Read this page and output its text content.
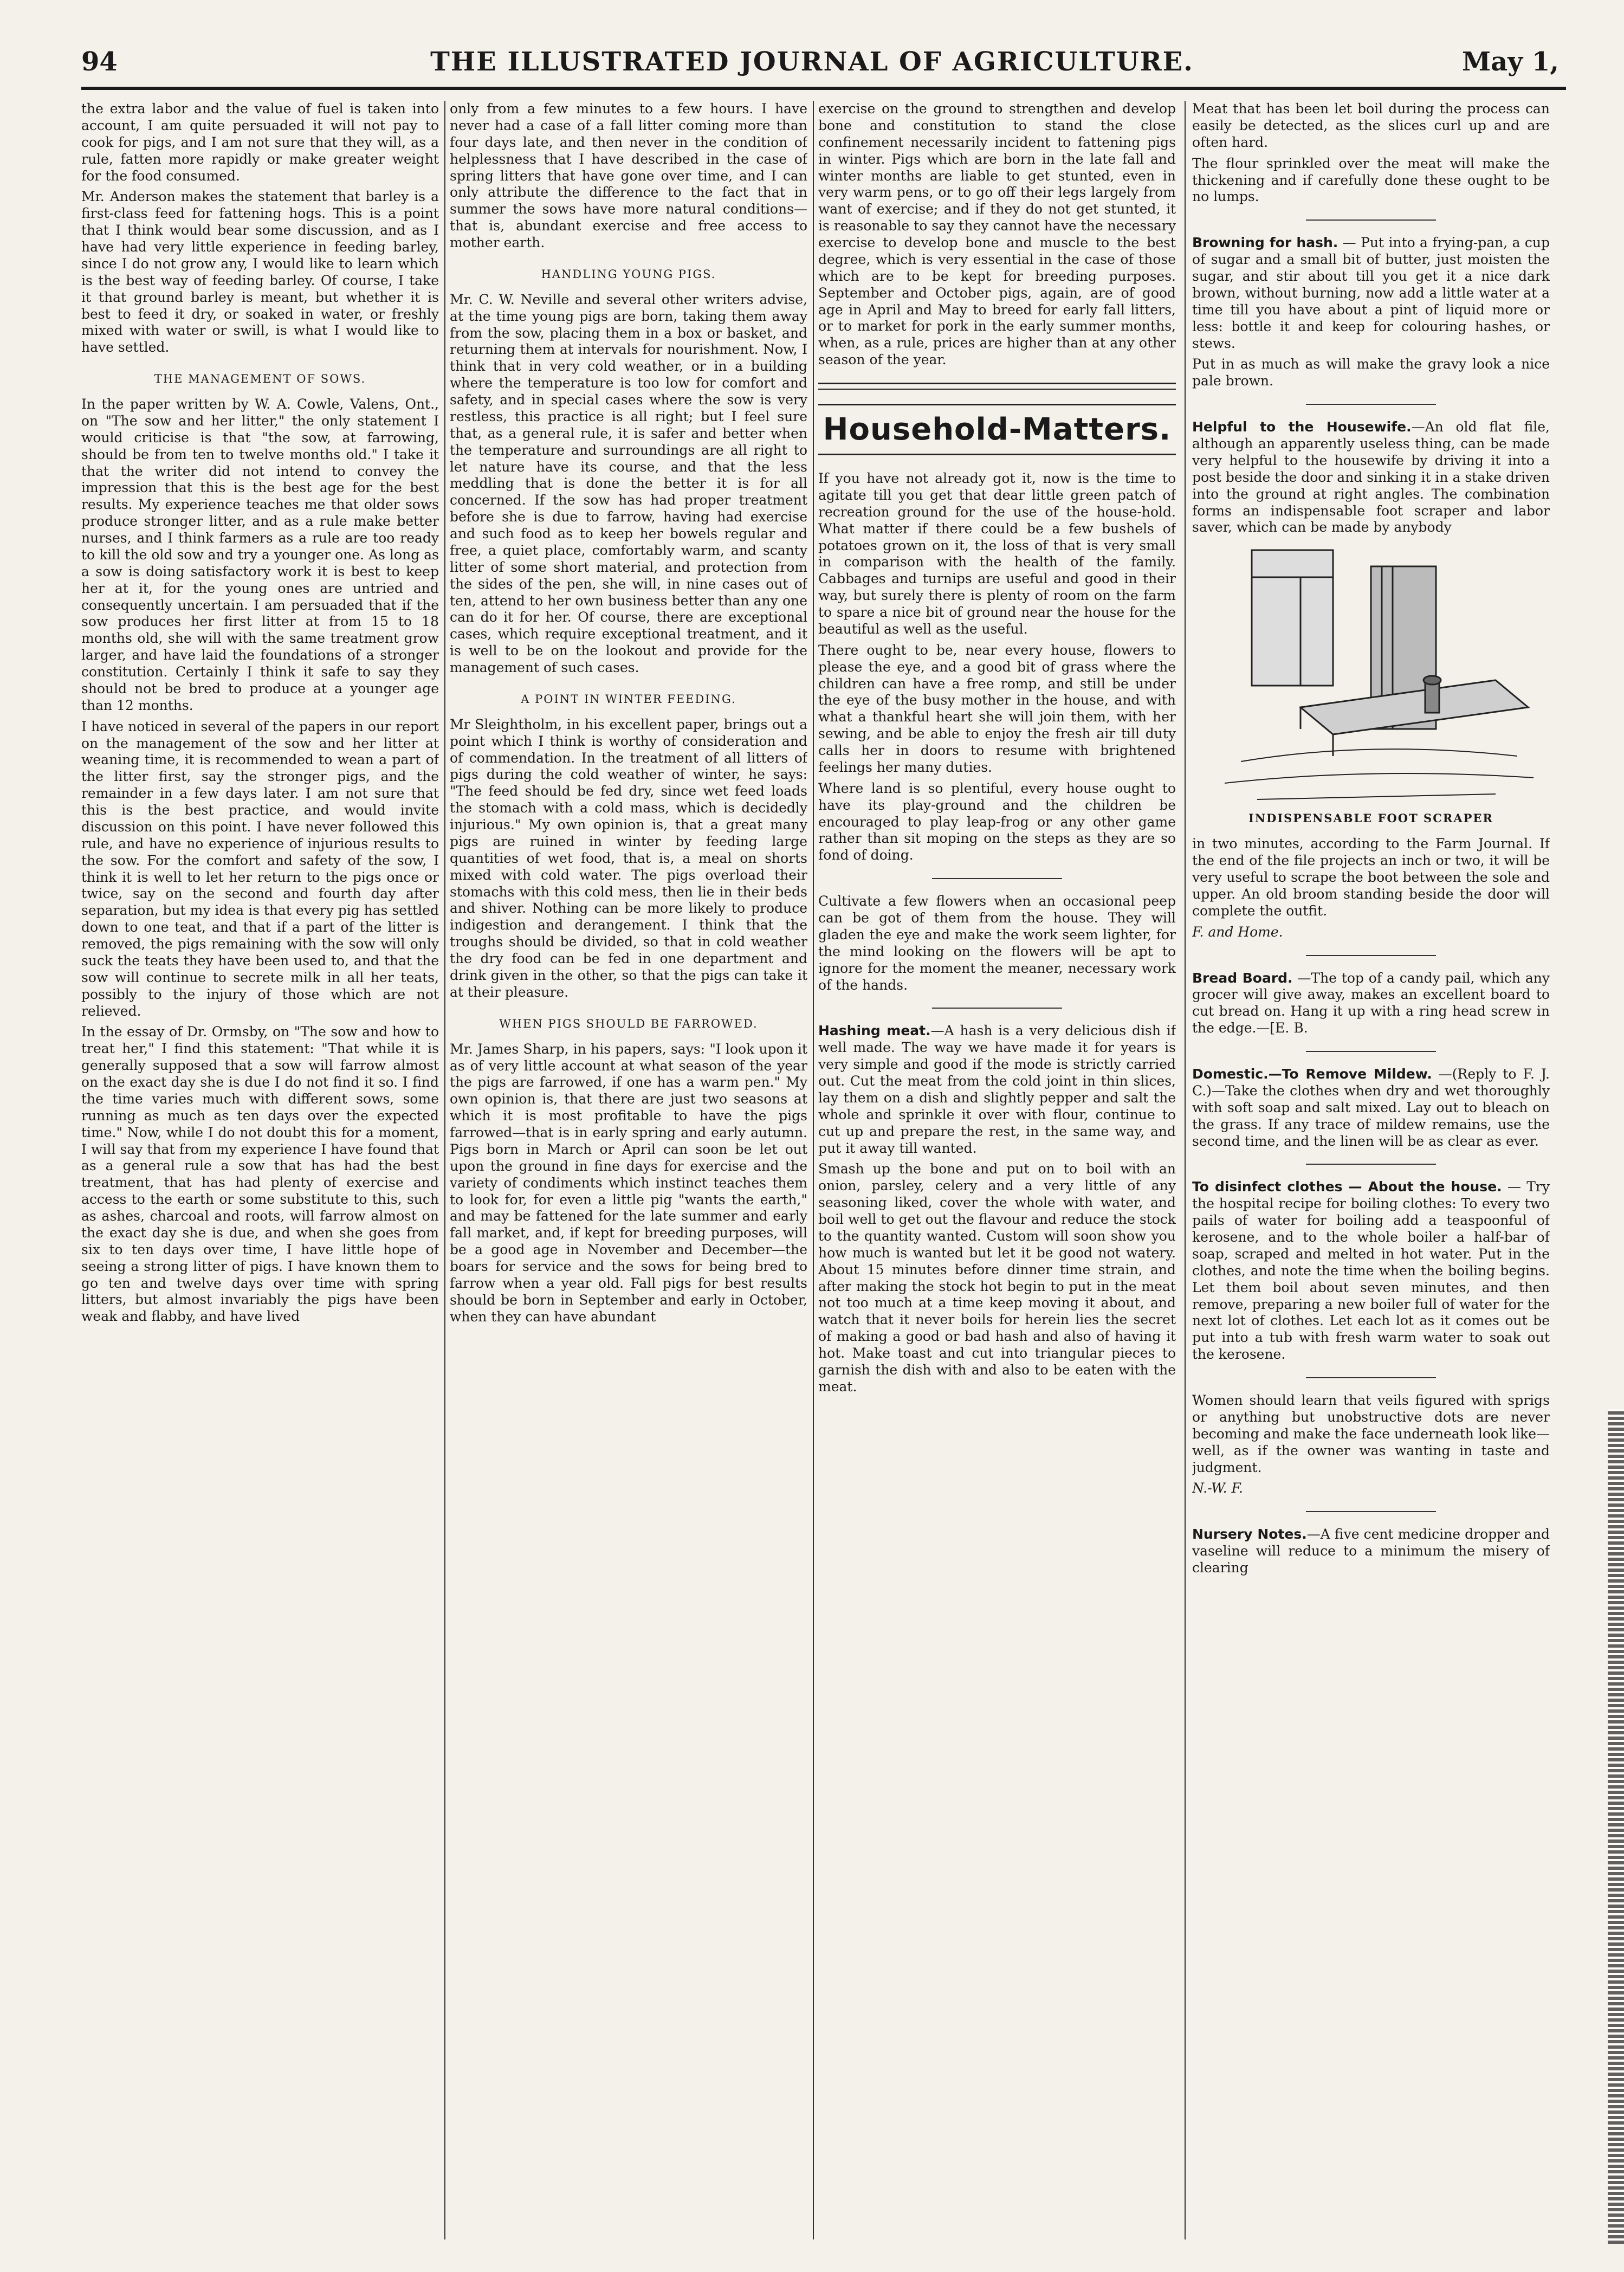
94	THE ILLUSTRATED JOURNAL OF AGRICULTURE.	May 1,

the extra labor and the value of fuel is taken into account, I am quite persuaded it will not pay to cook for pigs, and I am not sure that they will, as a rule, fatten more rapidly or make greater weight for the food consumed.

Mr. Anderson makes the statement that barley is a first-class feed for fattening hogs. This is a point that I think would bear some discussion, and as I have had very little experience in feeding barley, since I do not grow any, I would like to learn which is the best way of feeding barley. Of course, I take it that ground barley is meant, but whether it is best to feed it dry, or soaked in water, or freshly mixed with water or swill, is what I would like to have settled.

THE MANAGEMENT OF SOWS.

In the paper written by W. A. Cowle, Valens, Ont., on "The sow and her litter," the only statement I would criticise is that "the sow, at farrowing, should be from ten to twelve months old." I take it that the writer did not intend to convey the impression that this is the best age for the best results. My experience teaches me that older sows produce stronger litter, and as a rule make better nurses, and I think farmers as a rule are too ready to kill the old sow and try a younger one. As long as a sow is doing satisfactory work it is best to keep her at it, for the young ones are untried and consequently uncertain. I am persuaded that if the sow produces her first litter at from 15 to 18 months old, she will with the same treatment grow larger, and have laid the foundations of a stronger constitution. Certainly I think it safe to say they should not be bred to produce at a younger age than 12 months.

I have noticed in several of the papers in our report on the management of the sow and her litter at weaning time, it is recommended to wean a part of the litter first, say the stronger pigs, and the remainder in a few days later. I am not sure that this is the best practice, and would invite discussion on this point. I have never followed this rule, and have no experience of injurious results to the sow. For the comfort and safety of the sow, I think it is well to let her return to the pigs once or twice, say on the second and fourth day after separation, but my idea is that every pig has settled down to one teat, and that if a part of the litter is removed, the pigs remaining with the sow will only suck the teats they have been used to, and that the sow will continue to secrete milk in all her teats, possibly to the injury of those which are not relieved.

In the essay of Dr. Ormsby, on "The sow and how to treat her," I find this statement: "That while it is generally supposed that a sow will farrow almost on the exact day she is due I do not find it so. I find the time varies much with different sows, some running as much as ten days over the expected time." Now, while I do not doubt this for a moment, I will say that from my experience I have found that as a general rule a sow that has had the best treatment, that has had plenty of exercise and access to the earth or some substitute to this, such as ashes, charcoal and roots, will farrow almost on the exact day she is due, and when she goes from six to ten days over time, I have little hope of seeing a strong litter of pigs. I have known them to go ten and twelve days over time with spring litters, but almost invariably the pigs have been weak and flabby, and have lived

only from a few minutes to a few hours. I have never had a case of a fall litter coming more than four days late, and then never in the condition of helplessness that I have described in the case of spring litters that have gone over time, and I can only attribute the difference to the fact that in summer the sows have more natural conditions—that is, abundant exercise and free access to mother earth.

HANDLING YOUNG PIGS.

Mr. C. W. Neville and several other writers advise, at the time young pigs are born, taking them away from the sow, placing them in a box or basket, and returning them at intervals for nourishment. Now, I think that in very cold weather, or in a building where the temperature is too low for comfort and safety, and in special cases where the sow is very restless, this practice is all right; but I feel sure that, as a general rule, it is safer and better when the temperature and surroundings are all right to let nature have its course, and that the less meddling that is done the better it is for all concerned. If the sow has had proper treatment before she is due to farrow, having had exercise and such food as to keep her bowels regular and free, a quiet place, comfortably warm, and scanty litter of some short material, and protection from the sides of the pen, she will, in nine cases out of ten, attend to her own business better than any one can do it for her. Of course, there are exceptional cases, which require exceptional treatment, and it is well to be on the lookout and provide for the management of such cases.

A POINT IN WINTER FEEDING.

Mr Sleightholm, in his excellent paper, brings out a point which I think is worthy of consideration and of commendation. In the treatment of all litters of pigs during the cold weather of winter, he says: "The feed should be fed dry, since wet feed loads the stomach with a cold mass, which is decidedly injurious." My own opinion is, that a great many pigs are ruined in winter by feeding large quantities of wet food, that is, a meal on shorts mixed with cold water. The pigs overload their stomachs with this cold mess, then lie in their beds and shiver. Nothing can be more likely to produce indigestion and derangement. I think that the troughs should be divided, so that in cold weather the dry food can be fed in one department and drink given in the other, so that the pigs can take it at their pleasure.

WHEN PIGS SHOULD BE FARROWED.

Mr. James Sharp, in his papers, says: "I look upon it as of very little account at what season of the year the pigs are farrowed, if one has a warm pen." My own opinion is, that there are just two seasons at which it is most profitable to have the pigs farrowed—that is in early spring and early autumn. Pigs born in March or April can soon be let out upon the ground in fine days for exercise and the variety of condiments which instinct teaches them to look for, for even a little pig "wants the earth," and may be fattened for the late summer and early fall market, and, if kept for breeding purposes, will be a good age in November and December—the boars for service and the sows for being bred to farrow when a year old. Fall pigs for best results should be born in September and early in October, when they can have abundant

exercise on the ground to strengthen and develop bone and constitution to stand the close confinement necessarily incident to fattening pigs in winter. Pigs which are born in the late fall and winter months are liable to get stunted, even in very warm pens, or to go off their legs largely from want of exercise; and if they do not get stunted, it is reasonable to say they cannot have the necessary exercise to develop bone and muscle to the best degree, which is very essential in the case of those which are to be kept for breeding purposes. September and October pigs, again, are of good age in April and May to breed for early fall litters, or to market for pork in the early summer months, when, as a rule, prices are higher than at any other season of the year.

Household-Matters.

If you have not already got it, now is the time to agitate till you get that dear little green patch of recreation ground for the use of the house-hold. What matter if there could be a few bushels of potatoes grown on it, the loss of that is very small in comparison with the health of the family. Cabbages and turnips are useful and good in their way, but surely there is plenty of room on the farm to spare a nice bit of ground near the house for the beautiful as well as the useful.

There ought to be, near every house, flowers to please the eye, and a good bit of grass where the children can have a free romp, and still be under the eye of the busy mother in the house, and with what a thankful heart she will join them, with her sewing, and be able to enjoy the fresh air till duty calls her in doors to resume with brightened feelings her many duties.

Where land is so plentiful, every house ought to have its play-ground and the children be encouraged to play leap-frog or any other game rather than sit moping on the steps as they are so fond of doing.

Cultivate a few flowers when an occasional peep can be got of them from the house. They will gladen the eye and make the work seem lighter, for the mind looking on the flowers will be apt to ignore for the moment the meaner, necessary work of the hands.

Hashing meat.—A hash is a very delicious dish if well made. The way we have made it for years is very simple and good if the mode is strictly carried out. Cut the meat from the cold joint in thin slices, lay them on a dish and slightly pepper and salt the whole and sprinkle it over with flour, continue to cut up and prepare the rest, in the same way, and put it away till wanted.

Smash up the bone and put on to boil with an onion, parsley, celery and a very little of any seasoning liked, cover the whole with water, and boil well to get out the flavour and reduce the stock to the quantity wanted. Custom will soon show you how much is wanted but let it be good not watery. About 15 minutes before dinner time strain, and after making the stock hot begin to put in the meat not too much at a time keep moving it about, and watch that it never boils for herein lies the secret of making a good or bad hash and also of having it hot. Make toast and cut into triangular pieces to garnish the dish with and also to be eaten with the meat.

Meat that has been let boil during the process can easily be detected, as the slices curl up and are often hard.

The flour sprinkled over the meat will make the thickening and if carefully done these ought to be no lumps.

Browning for hash. — Put into a frying-pan, a cup of sugar and a small bit of butter, just moisten the sugar, and stir about till you get it a nice dark brown, without burning, now add a little water at a time till you have about a pint of liquid more or less: bottle it and keep for colouring hashes, or stews.

Put in as much as will make the gravy look a nice pale brown.

Helpful to the Housewife.—An old flat file, although an apparently useless thing, can be made very helpful to the housewife by driving it into a post beside the door and sinking it in a stake driven into the ground at right angles. The combination forms an indispensable foot scraper and labor saver, which can be made by anybody

INDISPENSABLE FOOT SCRAPER

in two minutes, according to the Farm Journal. If the end of the file projects an inch or two, it will be very useful to scrape the boot between the sole and upper. An old broom standing beside the door will complete the outfit.

F. and Home.

Bread Board. —The top of a candy pail, which any grocer will give away, makes an excellent board to cut bread on. Hang it up with a ring head screw in the edge.—[E. B.

Domestic.—To Remove Mildew. —(Reply to F. J. C.)—Take the clothes when dry and wet thoroughly with soft soap and salt mixed. Lay out to bleach on the grass. If any trace of mildew remains, use the second time, and the linen will be as clear as ever.

To disinfect clothes — About the house. — Try the hospital recipe for boiling clothes: To every two pails of water for boiling add a teaspoonful of kerosene, and to the whole boiler a half-bar of soap, scraped and melted in hot water. Put in the clothes, and note the time when the boiling begins. Let them boil about seven minutes, and then remove, preparing a new boiler full of water for the next lot of clothes. Let each lot as it comes out be put into a tub with fresh warm water to soak out the kerosene.

Women should learn that veils figured with sprigs or anything but unobstructive dots are never becoming and make the face underneath look like—well, as if the owner was wanting in taste and judgment.

N.-W. F.

Nursery Notes.—A five cent medicine dropper and vaseline will reduce to a minimum the misery of clearing
